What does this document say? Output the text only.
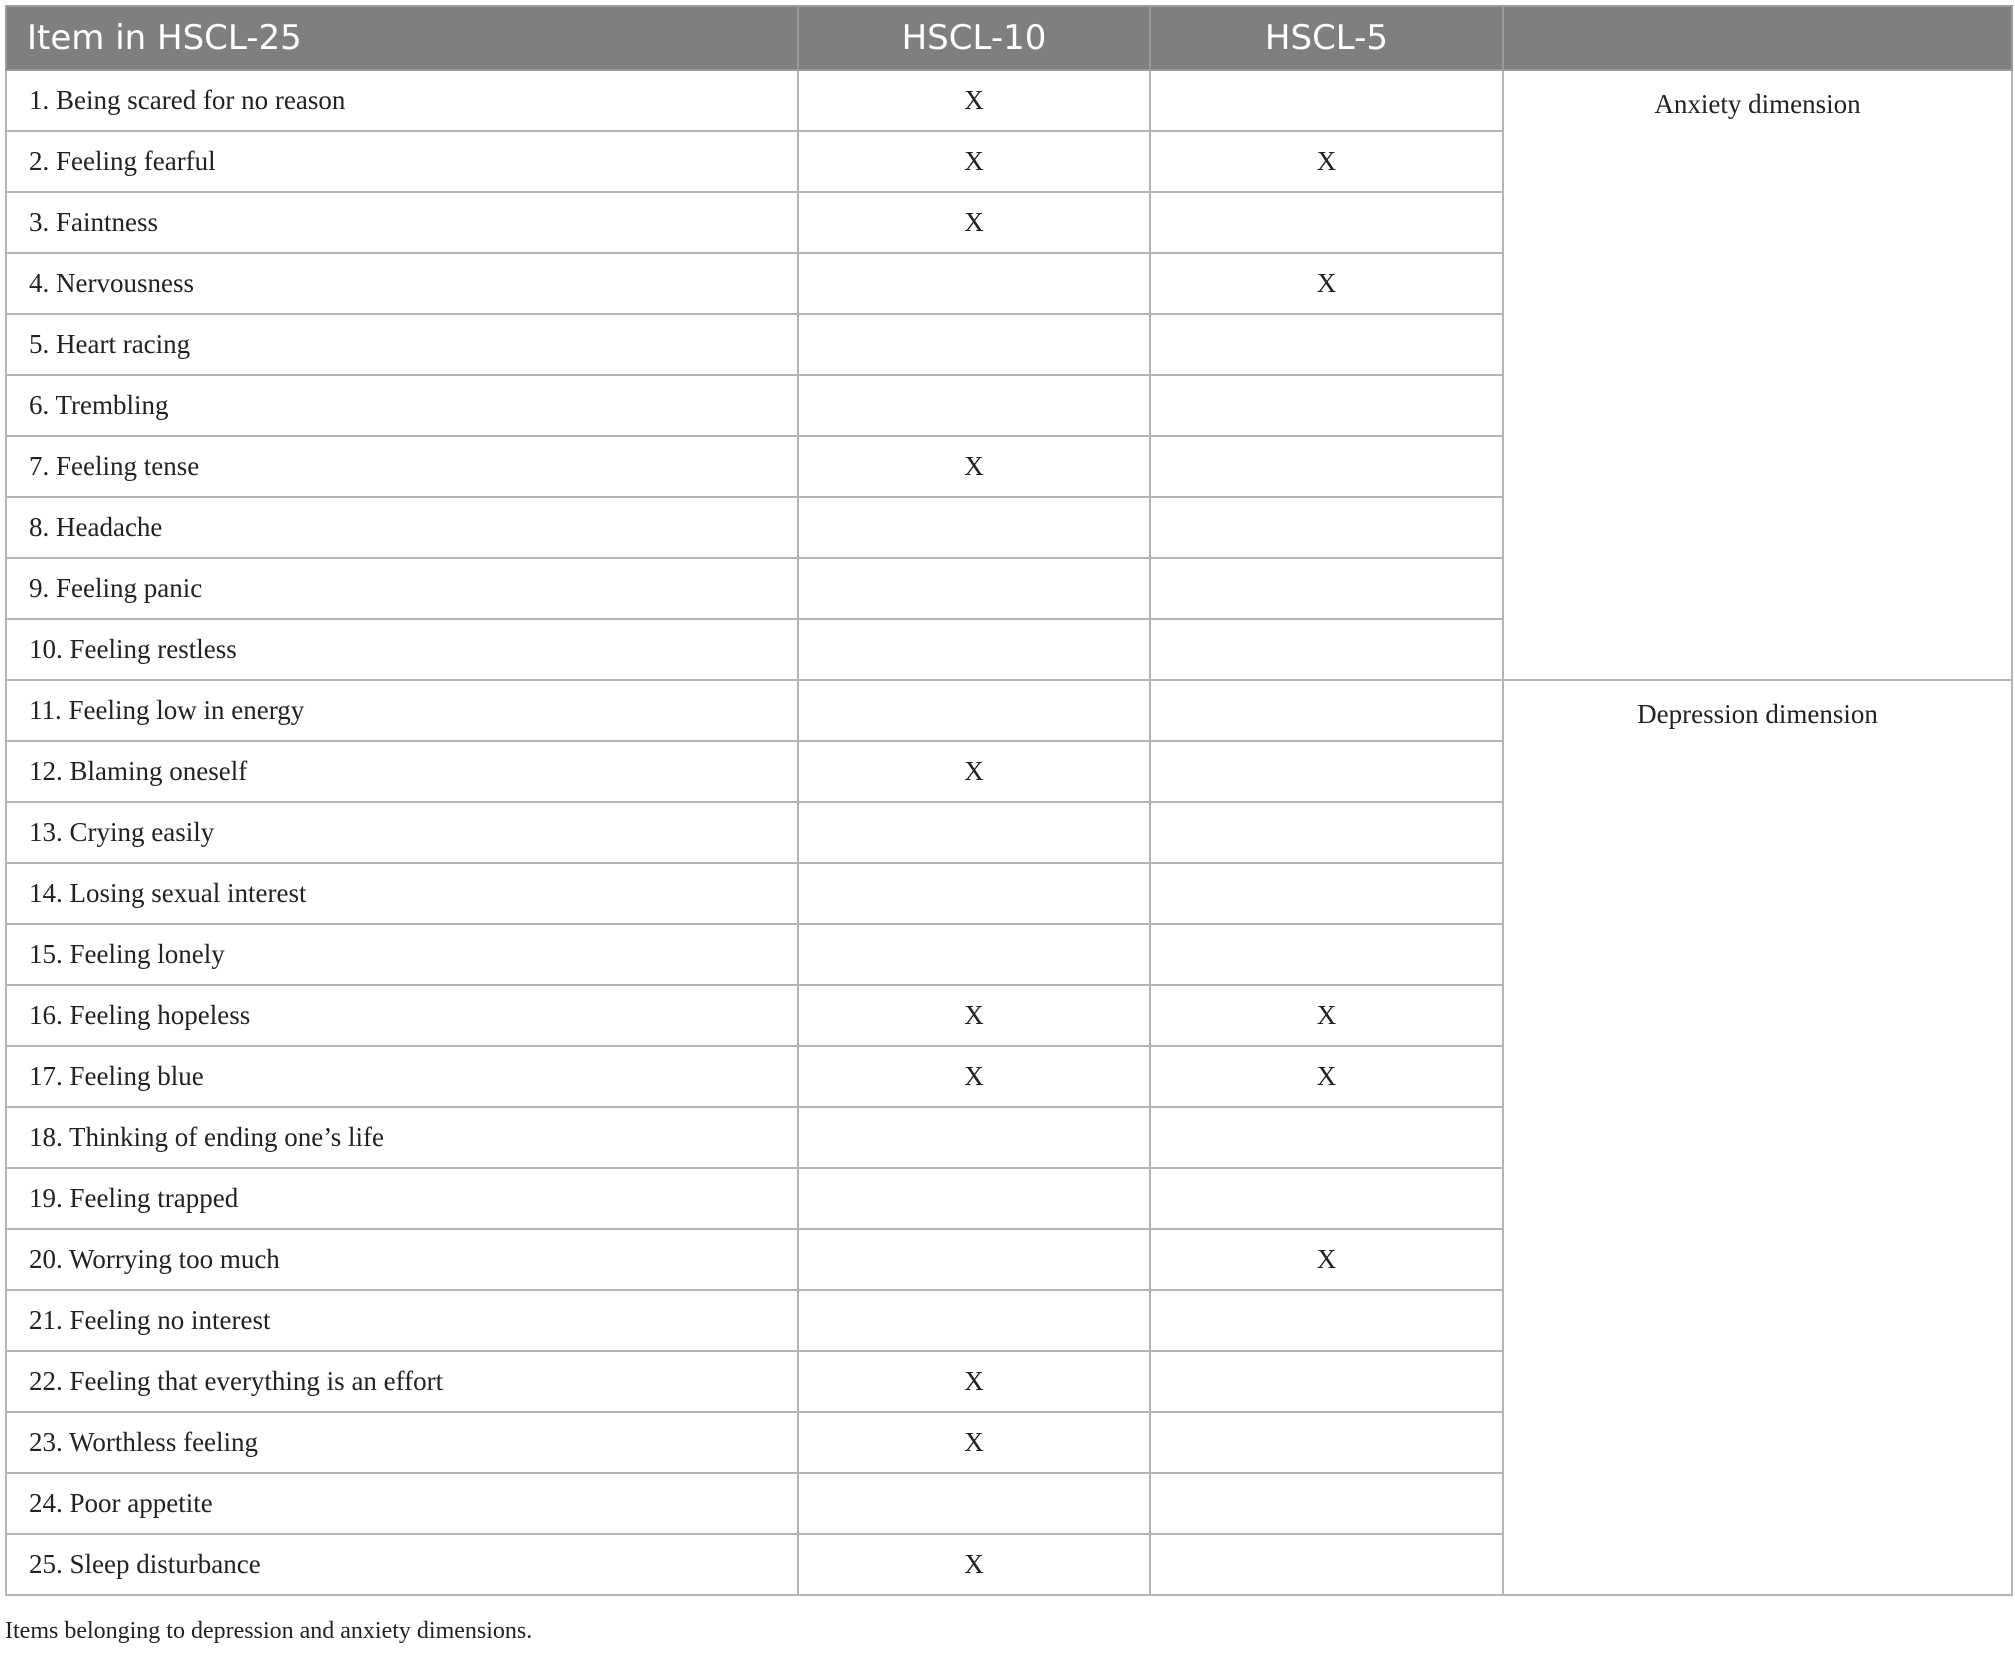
Item in HSCL-25	HSCL-10	HSCL-5	
1. Being scared for no reason	X		Anxiety dimension
2. Feeling fearful	X	X	
3. Faintness	X		
4. Nervousness		X	
5. Heart racing			
6. Trembling			
7. Feeling tense	X		
8. Headache			
9. Feeling panic			
10. Feeling restless			
11. Feeling low in energy			Depression dimension
12. Blaming oneself	X		
13. Crying easily			
14. Losing sexual interest			
15. Feeling lonely			
16. Feeling hopeless	X	X	
17. Feeling blue	X	X	
18. Thinking of ending one’s life			
19. Feeling trapped			
20. Worrying too much		X	
21. Feeling no interest			
22. Feeling that everything is an effort	X		
23. Worthless feeling	X		
24. Poor appetite			
25. Sleep disturbance	X		
Items belonging to depression and anxiety dimensions.
